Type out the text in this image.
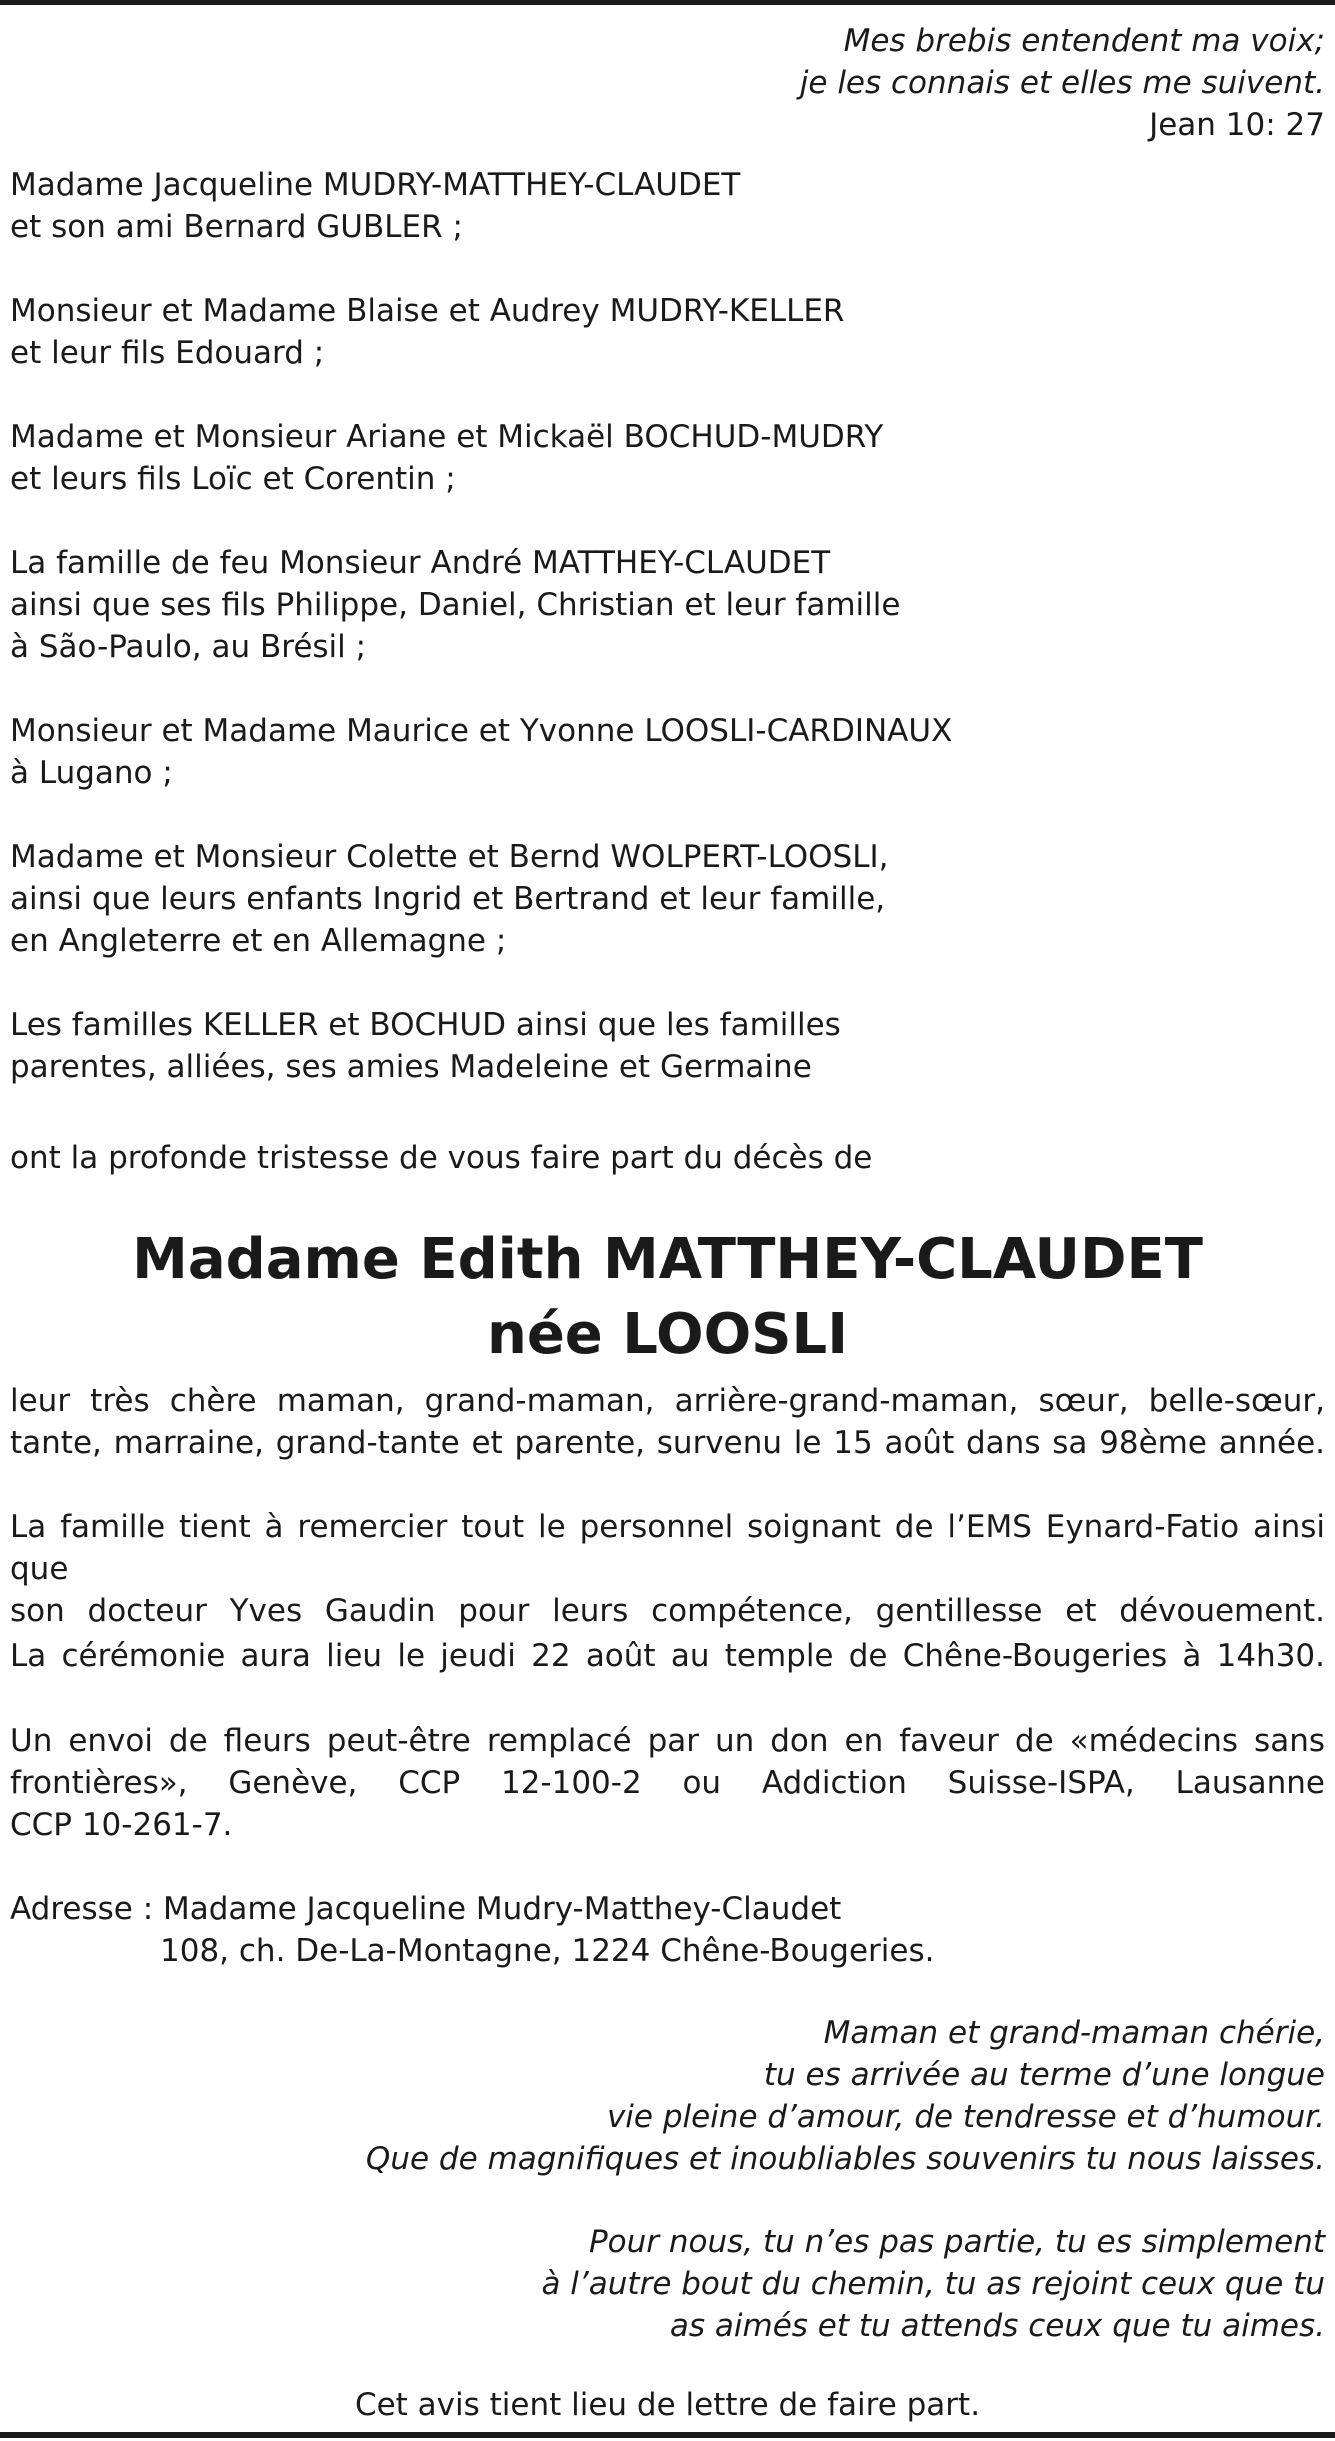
Mes brebis entendent ma voix;
je les connais et elles me suivent.
Jean 10: 27
Madame Jacqueline MUDRY-MATTHEY-CLAUDET
et son ami Bernard GUBLER ;
Monsieur et Madame Blaise et Audrey MUDRY-KELLER
et leur fils Edouard ;
Madame et Monsieur Ariane et Mickaël BOCHUD-MUDRY
et leurs fils Loïc et Corentin ;
La famille de feu Monsieur André MATTHEY-CLAUDET
ainsi que ses fils Philippe, Daniel, Christian et leur famille
à São-Paulo, au Brésil ;
Monsieur et Madame Maurice et Yvonne LOOSLI-CARDINAUX
à Lugano ;
Madame et Monsieur Colette et Bernd WOLPERT-LOOSLI,
ainsi que leurs enfants Ingrid et Bertrand et leur famille,
en Angleterre et en Allemagne ;
Les familles KELLER et BOCHUD ainsi que les familles
parentes, alliées, ses amies Madeleine et Germaine
ont la profonde tristesse de vous faire part du décès de
Madame Edith MATTHEY-CLAUDET
née LOOSLI
leur très chère maman, grand-maman, arrière-grand-maman, sœur, belle-sœur,
tante, marraine, grand-tante et parente, survenu le 15 août dans sa 98ème année.
La famille tient à remercier tout le personnel soignant de l’EMS Eynard-Fatio ainsi que
son docteur Yves Gaudin pour leurs compétence, gentillesse et dévouement.
La cérémonie aura lieu le jeudi 22 août au temple de Chêne-Bougeries à 14h30.
Un envoi de fleurs peut-être remplacé par un don en faveur de «médecins sans
frontières», Genève, CCP 12-100-2 ou Addiction Suisse-ISPA, Lausanne
CCP 10-261-7.
Adresse : Madame Jacqueline Mudry-Matthey-Claudet
108, ch. De-La-Montagne, 1224 Chêne-Bougeries.
Maman et grand-maman chérie,
tu es arrivée au terme d’une longue
vie pleine d’amour, de tendresse et d’humour.
Que de magnifiques et inoubliables souvenirs tu nous laisses.
Pour nous, tu n’es pas partie, tu es simplement
à l’autre bout du chemin, tu as rejoint ceux que tu
as aimés et tu attends ceux que tu aimes.
Cet avis tient lieu de lettre de faire part.
